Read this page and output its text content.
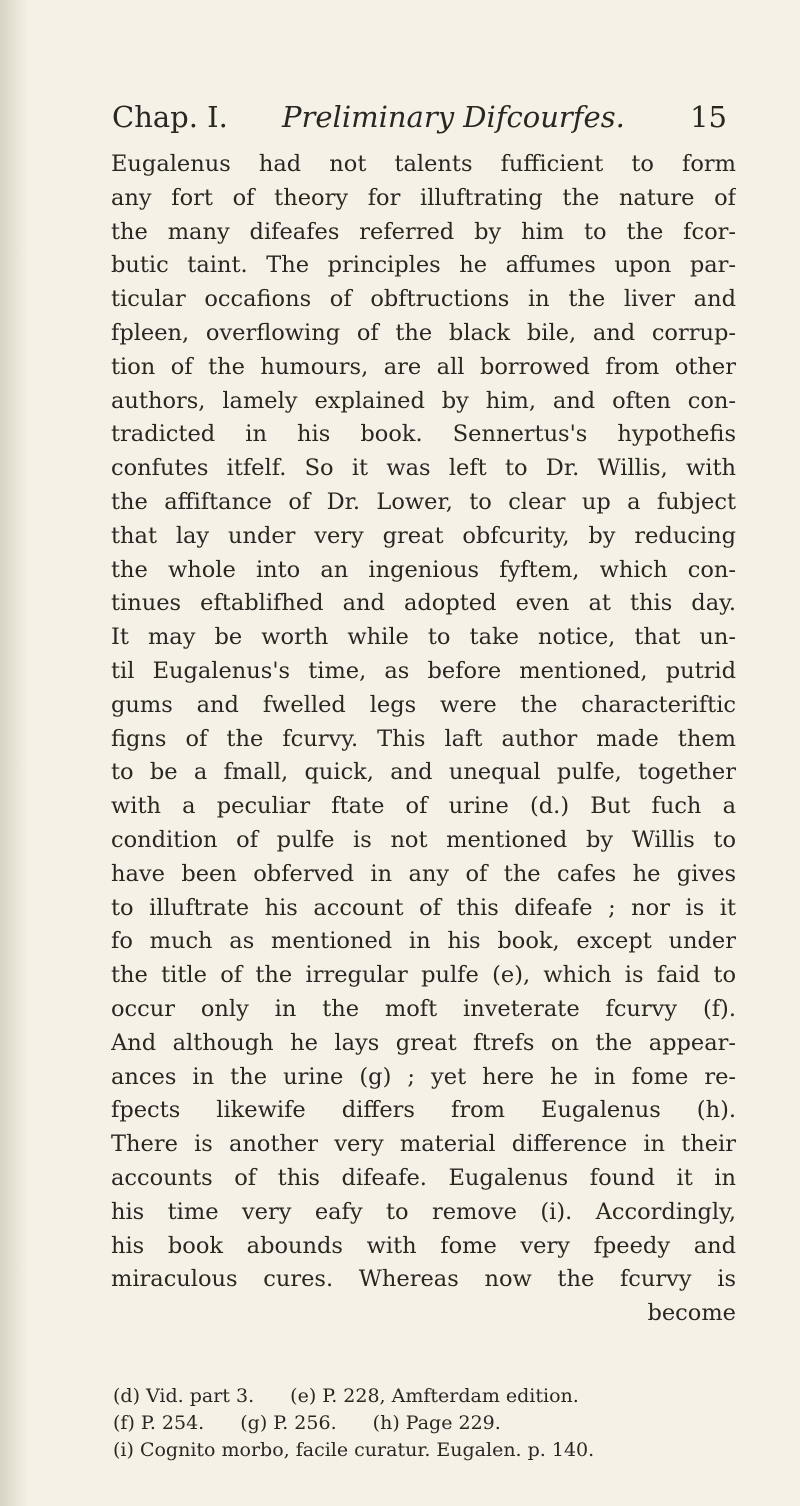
Chap. I. Preliminary Difcourfes. 15
Eugalenus had not talents fufficient to form
any fort of theory for illuftrating the nature of
the many difeafes referred by him to the fcor-
butic taint. The principles he affumes upon par-
ticular occafions of obftructions in the liver and
fpleen, overflowing of the black bile, and corrup-
tion of the humours, are all borrowed from other
authors, lamely explained by him, and often con-
tradicted in his book. Sennertus's hypothefis
confutes itfelf. So it was left to Dr. Willis, with
the affiftance of Dr. Lower, to clear up a fubject
that lay under very great obfcurity, by reducing
the whole into an ingenious fyftem, which con-
tinues eftablifhed and adopted even at this day.
It may be worth while to take notice, that un-
til Eugalenus's time, as before mentioned, putrid
gums and fwelled legs were the characteriftic
figns of the fcurvy. This laft author made them
to be a fmall, quick, and unequal pulfe, together
with a peculiar ftate of urine (d.) But fuch a
condition of pulfe is not mentioned by Willis to
have been obferved in any of the cafes he gives
to illuftrate his account of this difeafe ; nor is it
fo much as mentioned in his book, except under
the title of the irregular pulfe (e), which is faid to
occur only in the moft inveterate fcurvy (f).
And although he lays great ftrefs on the appear-
ances in the urine (g) ; yet here he in fome re-
fpects likewife differs from Eugalenus (h).
There is another very material difference in their
accounts of this difeafe. Eugalenus found it in
his time very eafy to remove (i). Accordingly,
his book abounds with fome very fpeedy and
miraculous cures. Whereas now the fcurvy is
become
(d) Vid. part 3. (e) P. 228, Amfterdam edition.
(f) P. 254. (g) P. 256. (h) Page 229.
(i) Cognito morbo, facile curatur. Eugalen. p. 140.
